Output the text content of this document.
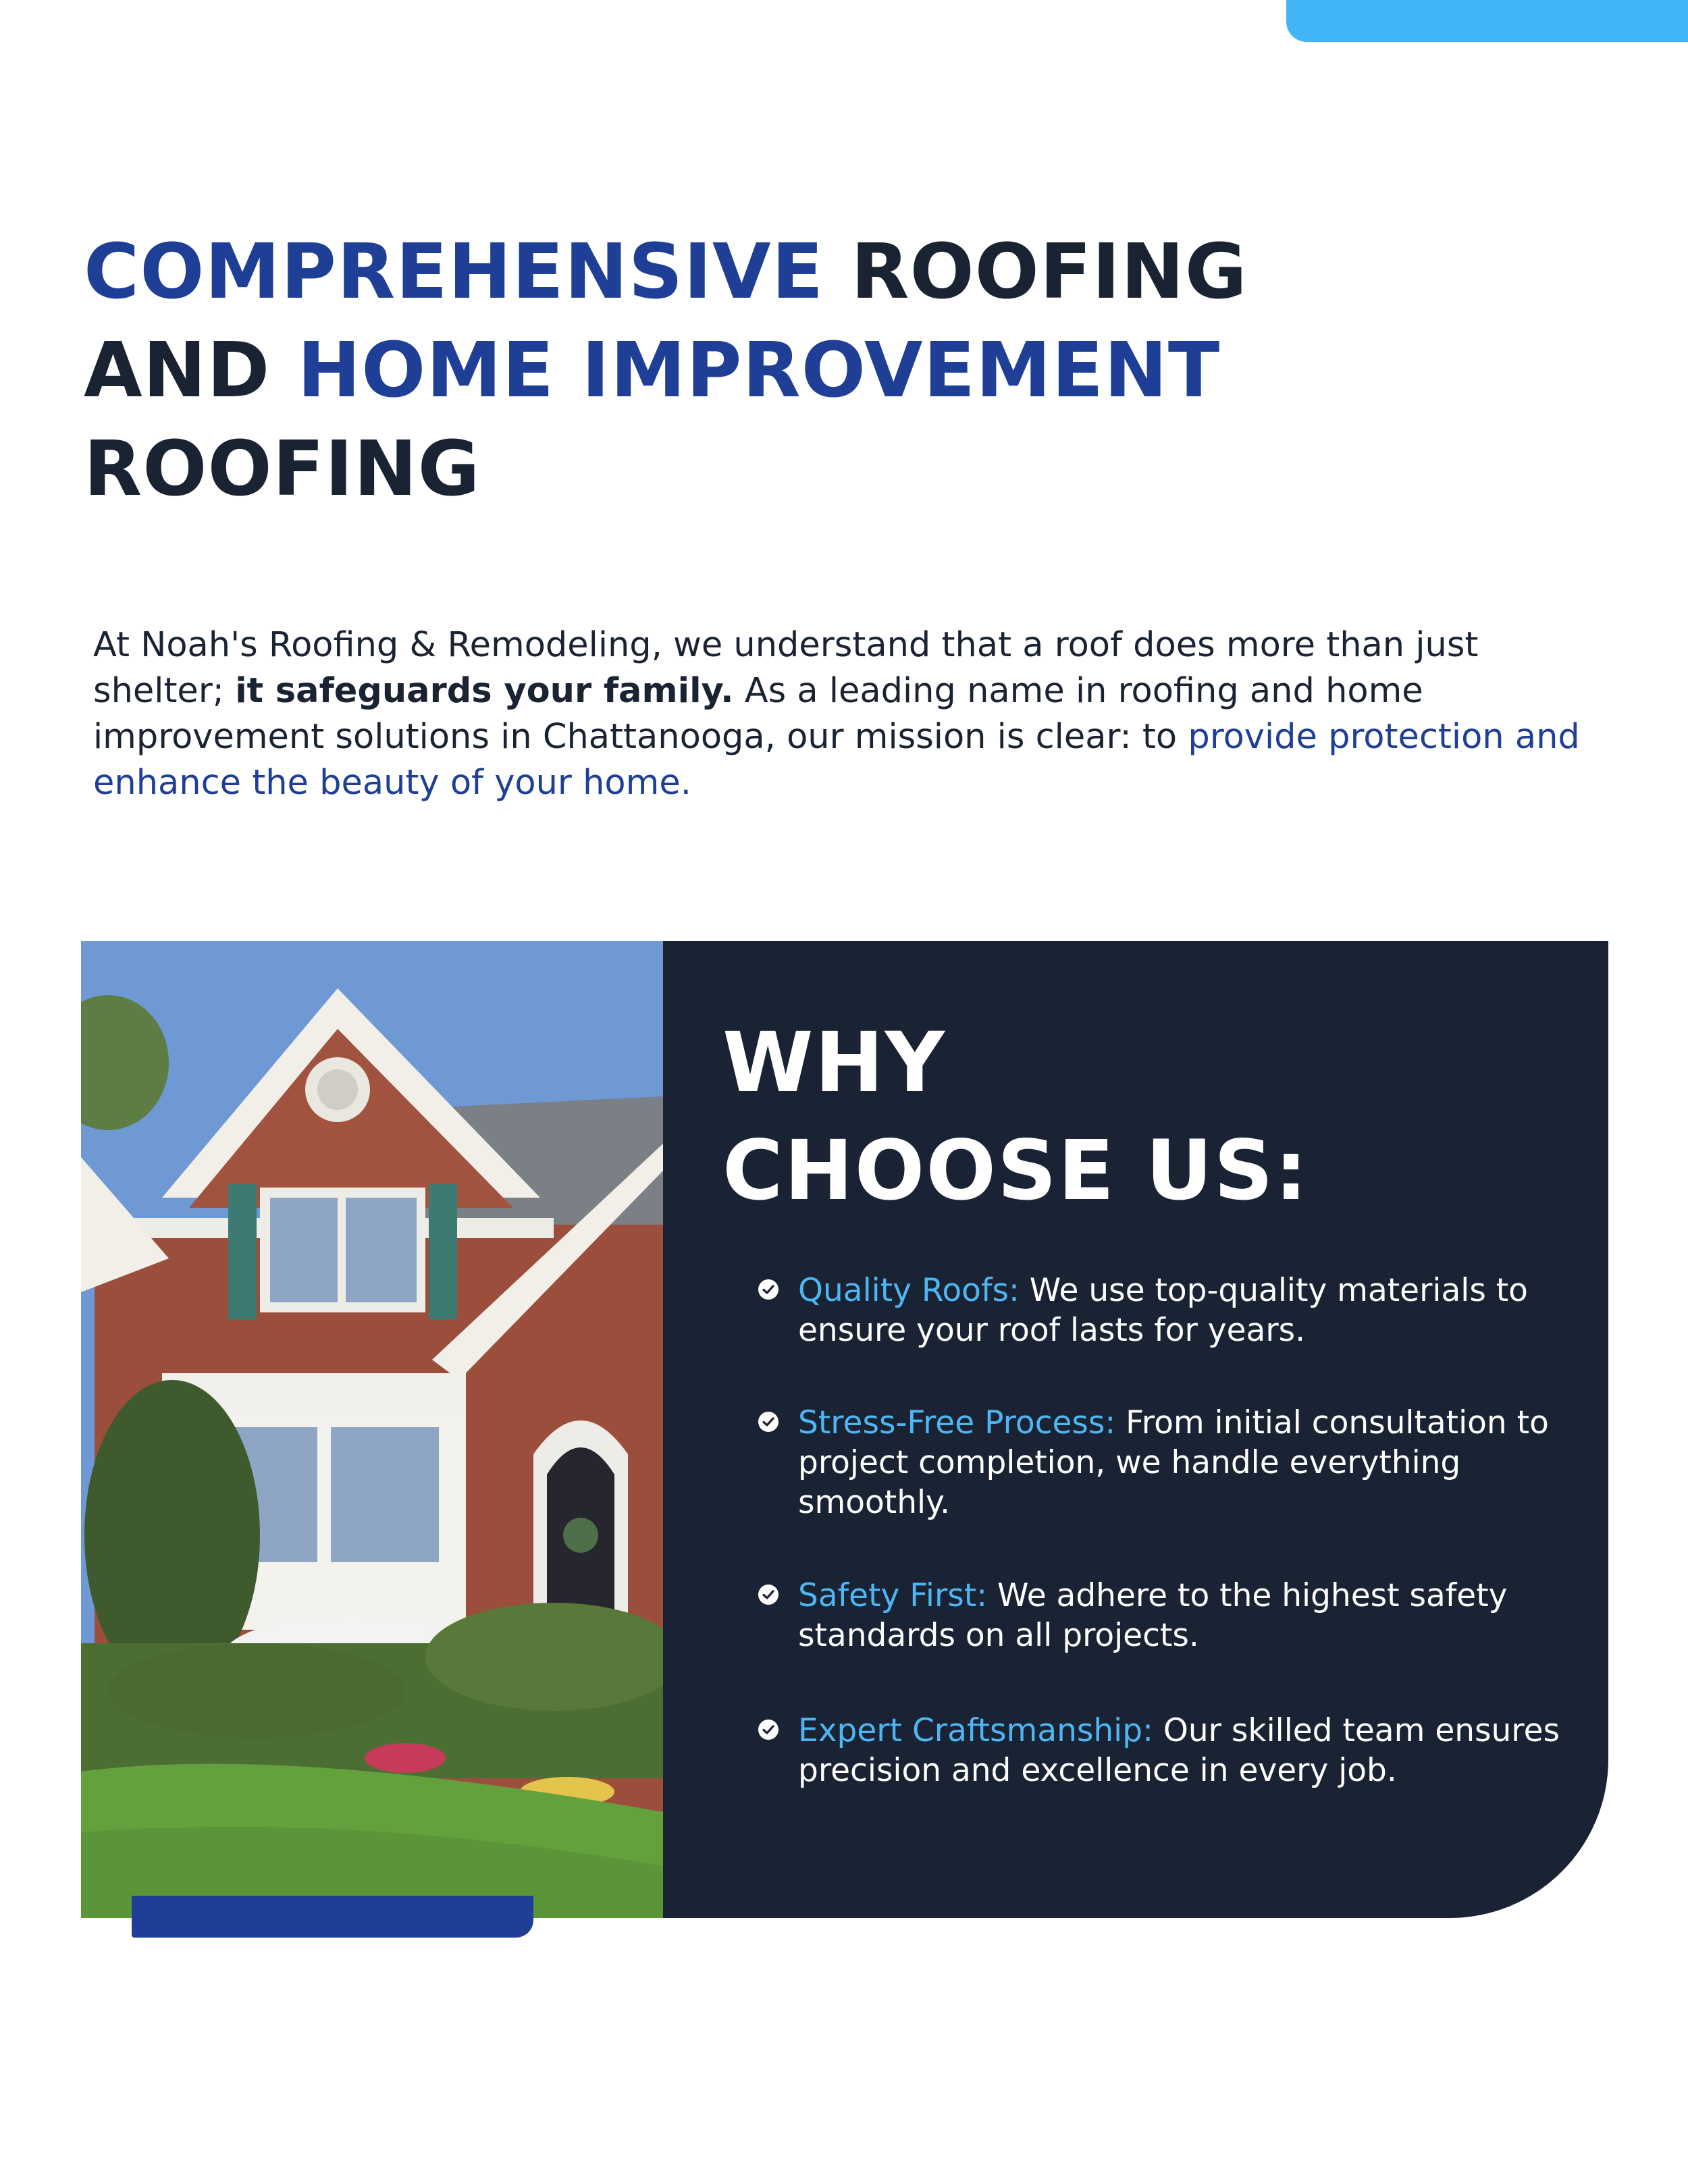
COMPREHENSIVE ROOFING
AND HOME IMPROVEMENT
ROOFING

At Noah's Roofing & Remodeling, we understand that a roof does more than just shelter; it safeguards your family. As a leading name in roofing and home improvement solutions in Chattanooga, our mission is clear: to provide protection and enhance the beauty of your home.

WHY
CHOOSE US:
Quality Roofs: We use top-quality materials to ensure your roof lasts for years.
Stress-Free Process: From initial consultation to project completion, we handle everything smoothly.
Safety First: We adhere to the highest safety standards on all projects.
Expert Craftsmanship: Our skilled team ensures precision and excellence in every job.
